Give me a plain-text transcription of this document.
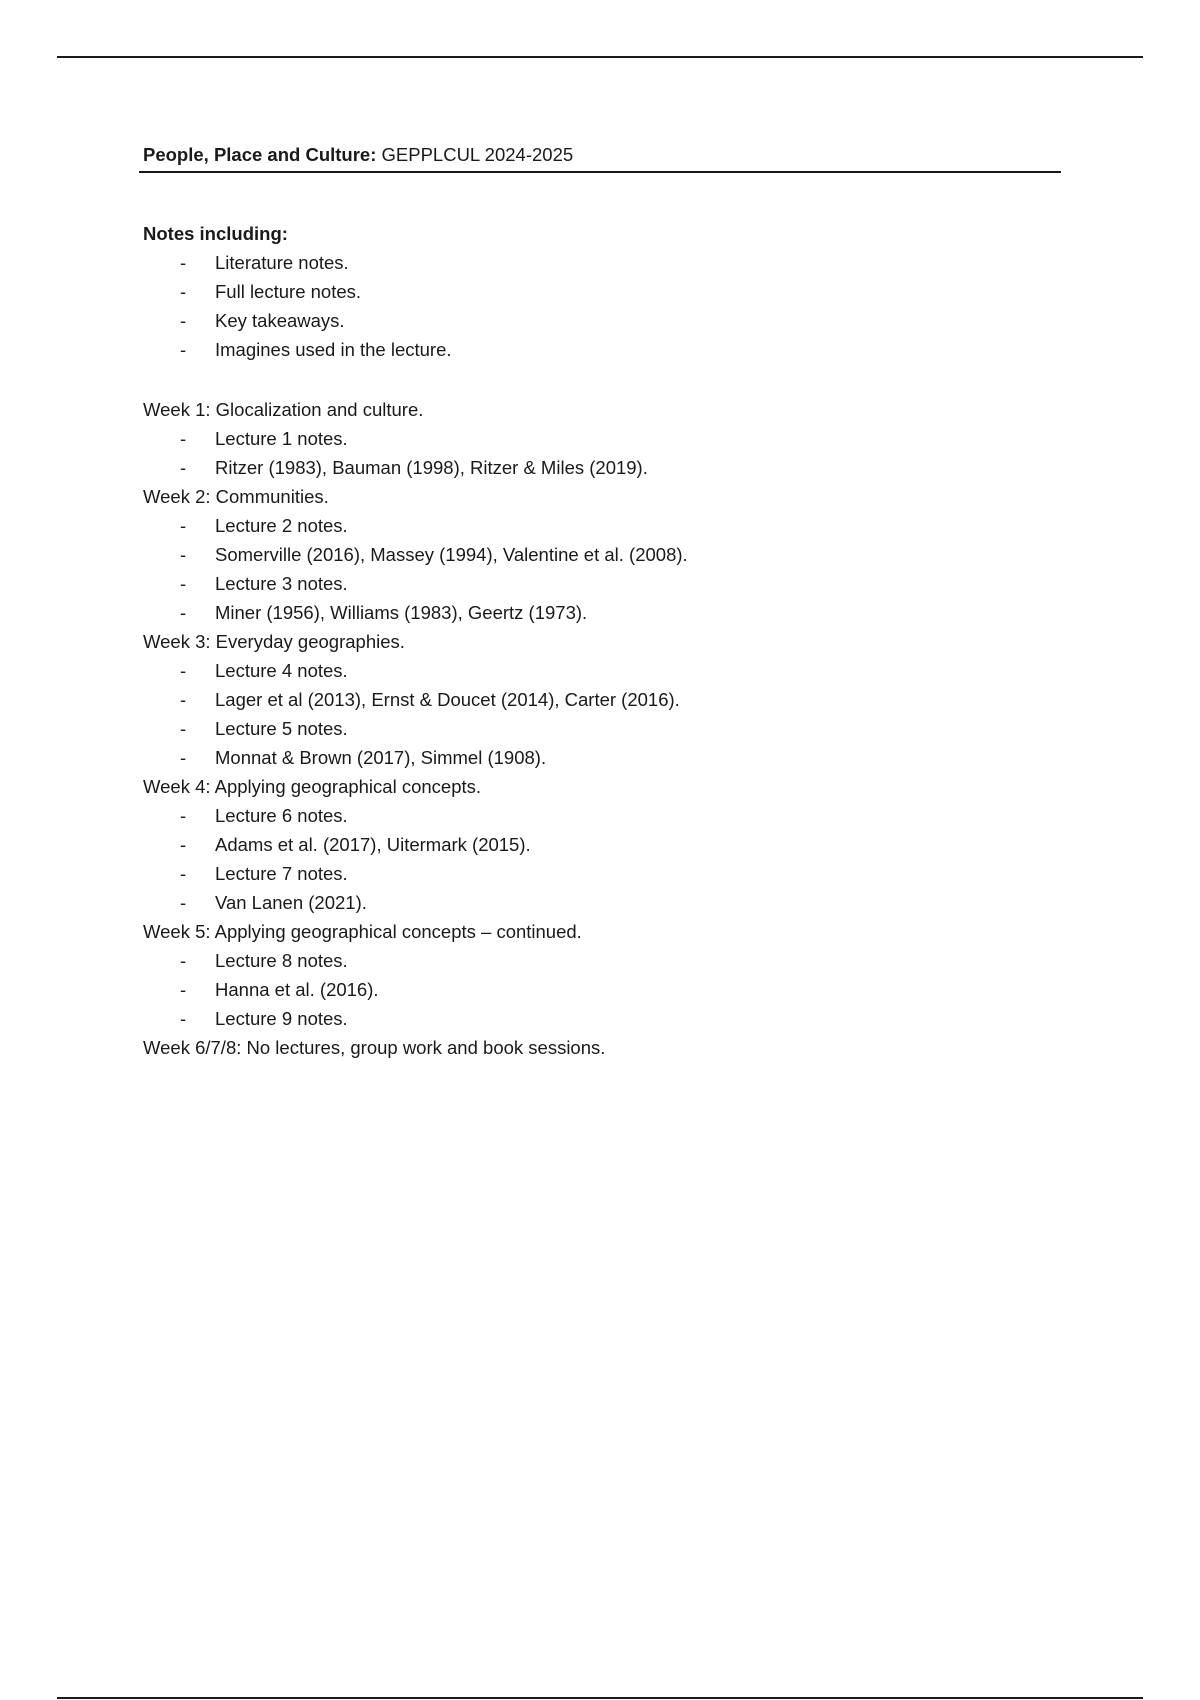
People, Place and Culture: GEPPLCUL 2024-2025
Notes including:
- Literature notes.
- Full lecture notes.
- Key takeaways.
- Imagines used in the lecture.
Week 1: Glocalization and culture.
- Lecture 1 notes.
- Ritzer (1983), Bauman (1998), Ritzer & Miles (2019).
Week 2: Communities.
- Lecture 2 notes.
- Somerville (2016), Massey (1994), Valentine et al. (2008).
- Lecture 3 notes.
- Miner (1956), Williams (1983), Geertz (1973).
Week 3: Everyday geographies.
- Lecture 4 notes.
- Lager et al (2013), Ernst & Doucet (2014), Carter (2016).
- Lecture 5 notes.
- Monnat & Brown (2017), Simmel (1908).
Week 4: Applying geographical concepts.
- Lecture 6 notes.
- Adams et al. (2017), Uitermark (2015).
- Lecture 7 notes.
- Van Lanen (2021).
Week 5: Applying geographical concepts – continued.
- Lecture 8 notes.
- Hanna et al. (2016).
- Lecture 9 notes.
Week 6/7/8: No lectures, group work and book sessions.
